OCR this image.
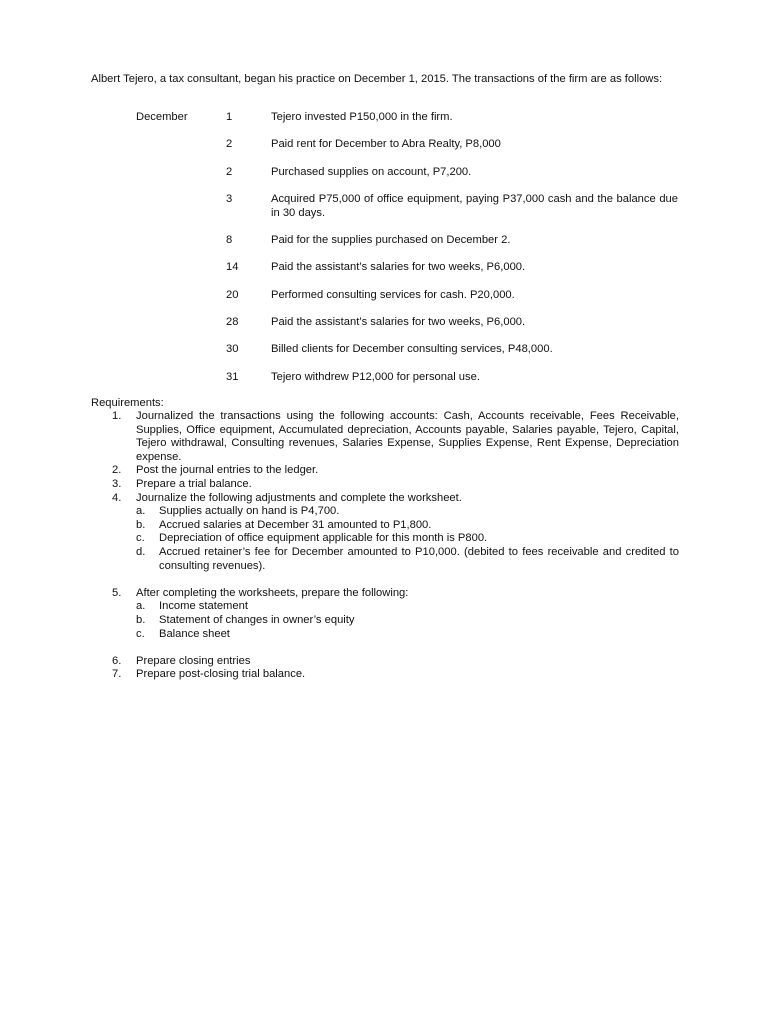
Albert Tejero, a tax consultant, began his practice on December 1, 2015. The transactions of the firm are as follows:
December	1	Tejero invested P150,000 in the firm.
2	Paid rent for December to Abra Realty, P8,000
2	Purchased supplies on account, P7,200.
3	Acquired P75,000 of office equipment, paying P37,000 cash and the balance due in 30 days.
8	Paid for the supplies purchased on December 2.
14	Paid the assistant’s salaries for two weeks, P6,000.
20	Performed consulting services for cash. P20,000.
28	Paid the assistant’s salaries for two weeks, P6,000.
30	Billed clients for December consulting services, P48,000.
31	Tejero withdrew P12,000 for personal use.
Requirements:
1. Journalized the transactions using the following accounts: Cash, Accounts receivable, Fees Receivable, Supplies, Office equipment, Accumulated depreciation, Accounts payable, Salaries payable, Tejero, Capital, Tejero withdrawal, Consulting revenues, Salaries Expense, Supplies Expense, Rent Expense, Depreciation expense.
2. Post the journal entries to the ledger.
3. Prepare a trial balance.
4. Journalize the following adjustments and complete the worksheet.
a. Supplies actually on hand is P4,700.
b. Accrued salaries at December 31 amounted to P1,800.
c. Depreciation of office equipment applicable for this month is P800.
d. Accrued retainer’s fee for December amounted to P10,000. (debited to fees receivable and credited to consulting revenues).
5. After completing the worksheets, prepare the following:
a. Income statement
b. Statement of changes in owner’s equity
c. Balance sheet
6. Prepare closing entries
7. Prepare post-closing trial balance.
